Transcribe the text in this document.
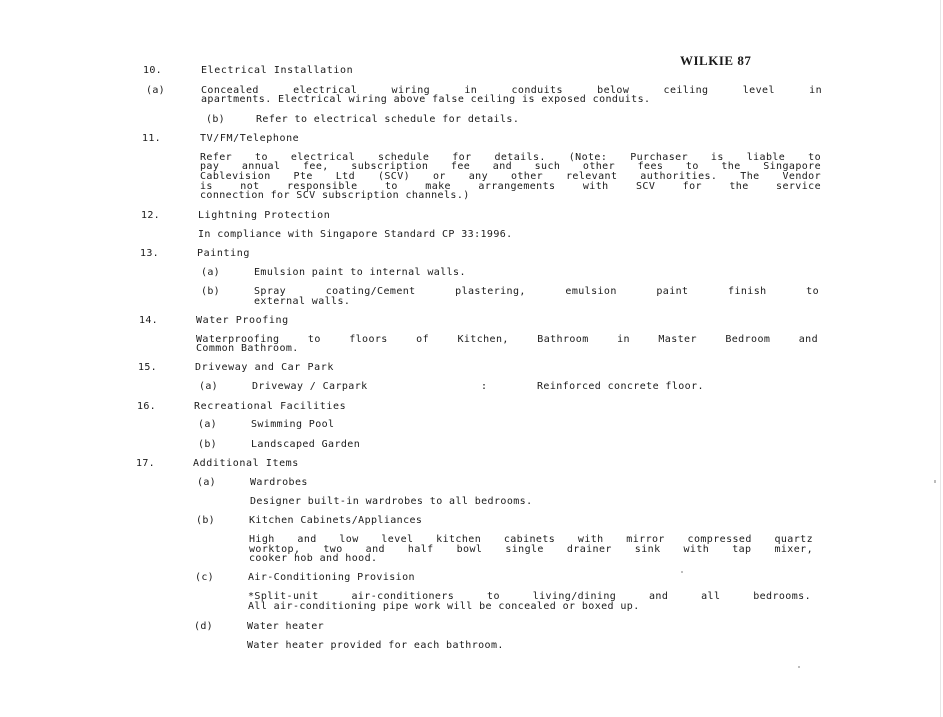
WILKIE 87
10.	Electrical Installation
(a)	Concealed electrical wiring in conduits below ceiling level in
apartments. Electrical wiring above false ceiling is exposed conduits.
(b)	Refer to electrical schedule for details.
11.	TV/FM/Telephone
Refer to electrical schedule for details. (Note: Purchaser is liable to
pay annual fee, subscription fee and such other fees to the Singapore
Cablevision Pte Ltd (SCV) or any other relevant authorities. The Vendor
is not responsible to make arrangements with SCV for the service
connection for SCV subscription channels.)
12.	Lightning Protection
In compliance with Singapore Standard CP 33:1996.
13.	Painting
(a)	Emulsion paint to internal walls.
(b)	Spray coating/Cement plastering, emulsion paint finish to
external walls.
14.	Water Proofing
Waterproofing to floors of Kitchen, Bathroom in Master Bedroom and
Common Bathroom.
15.	Driveway and Car Park
(a)	Driveway / Carpark	:	Reinforced concrete floor.
16.	Recreational Facilities
(a)	Swimming Pool
(b)	Landscaped Garden
17.	Additional Items
(a)	Wardrobes
Designer built-in wardrobes to all bedrooms.
(b)	Kitchen Cabinets/Appliances
High and low level kitchen cabinets with mirror compressed quartz
worktop, two and half bowl single drainer sink with tap mixer,
cooker hob and hood.
(c)	Air-Conditioning Provision
*Split-unit air-conditioners to living/dining and all bedrooms.
All air-conditioning pipe work will be concealed or boxed up.
(d)	Water heater
Water heater provided for each bathroom.
